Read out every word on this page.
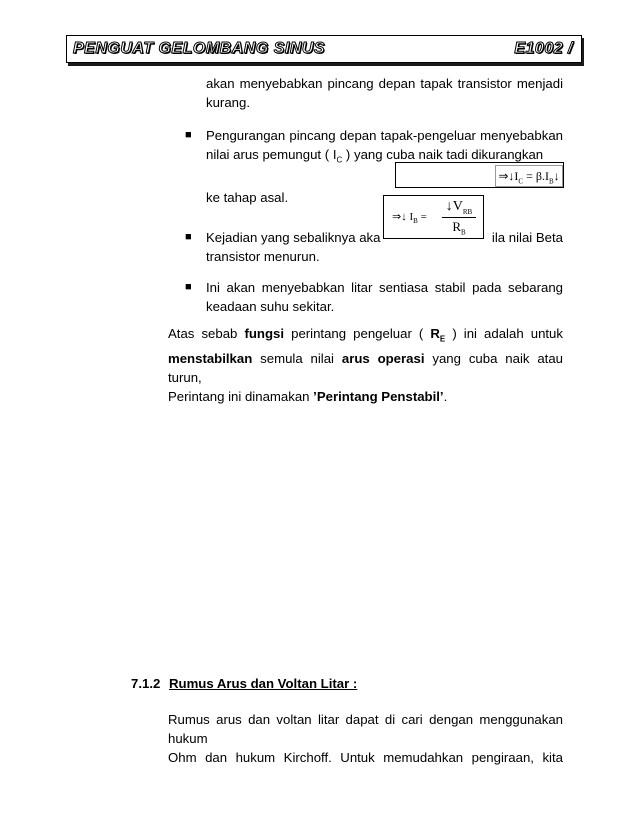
PENGUAT GELOMBANG SINUS	E1002 /
akan menyebabkan pincang depan tapak transistor menjadi
kurang.
■ Pengurangan pincang depan tapak-pengeluar menyebabkan
nilai arus pemungut ( $I_C$ ) yang cuba naik tadi dikurangkan
ke tahap asal.
$\Rightarrow↓I_C$ = $\beta.I_B↓$
■ Kejadian yang sebaliknya aka	ila nilai Beta
transistor menurun.
⇒↓ $I_B$ =
$↓V_{RB}$
$R_B$
■ Ini akan menyebabkan litar sentiasa stabil pada sebarang
keadaan suhu sekitar.
Atas sebab fungsi perintang pengeluar ( $R_E$ ) ini adalah untuk
menstabilkan semula nilai arus operasi yang cuba naik atau turun,
Perintang ini dinamakan ’Perintang Penstabil’.
7.1.2 Rumus Arus dan Voltan Litar :
Rumus arus dan voltan litar dapat di cari dengan menggunakan hukum
Ohm dan hukum Kirchoff. Untuk memudahkan pengiraan, kita
